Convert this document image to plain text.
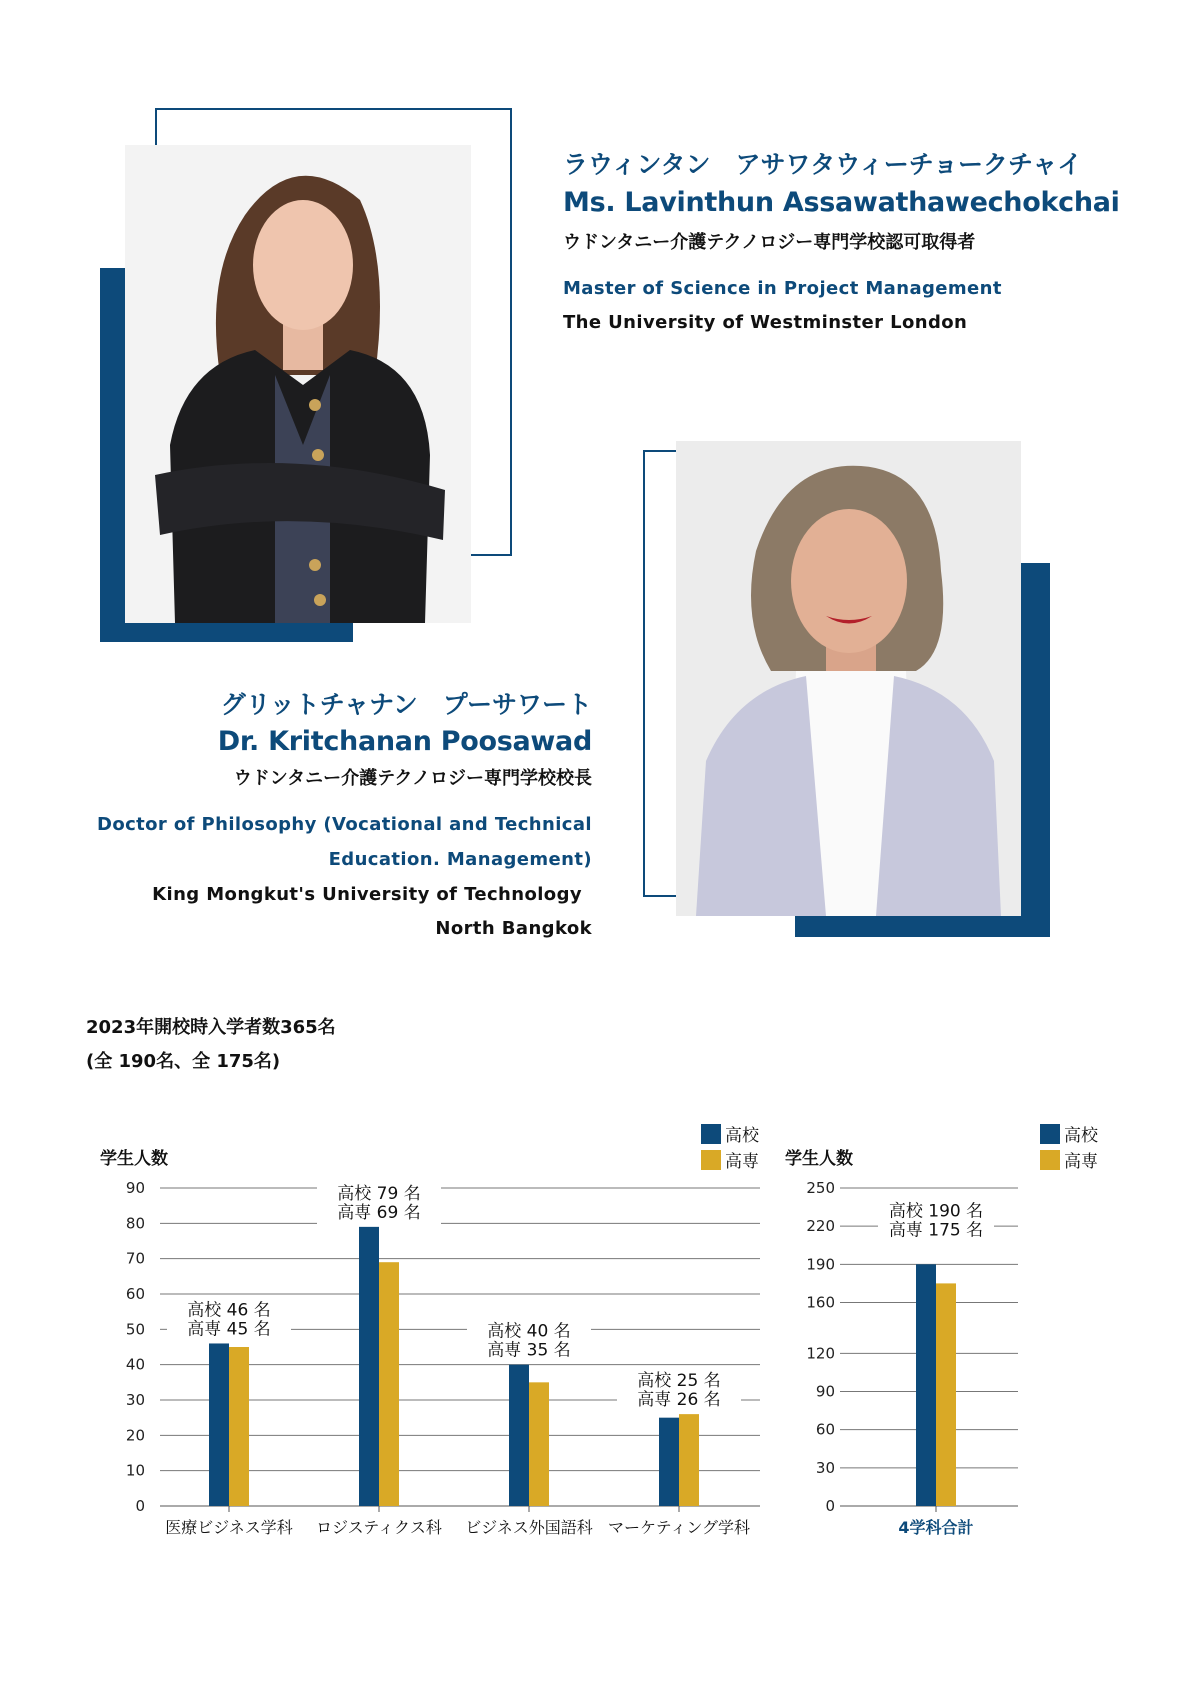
ラウィンタン　アサワタウィーチョークチャイ
Ms. Lavinthun Assawathawechokchai
ウドンタニー介護テクノロジー専門学校認可取得者
Master of Science in Project Management
The University of Westminster London
グリットチャナン　プーサワート
Dr. Kritchanan Poosawad
ウドンタニー介護テクノロジー専門学校校長
Doctor of Philosophy (Vocational and Technical
Education. Management)
King Mongkut's University of Technology
North Bangkok
2023年開校時入学者数365名
(全 190名、全 175名)
高校
高専
高校
高専
学生人数
0
10
20
30
40
50
60
70
80
90
医療ビジネス学科
高校 46 名
高専 45 名
ロジスティクス科
高校 79 名
高専 69 名
ビジネス外国語科
高校 40 名
高専 35 名
マーケティング学科
高校 25 名
高専 26 名
学生人数
0
30
60
90
120
160
190
220
250
4学科合計
高校 190 名
高専 175 名
